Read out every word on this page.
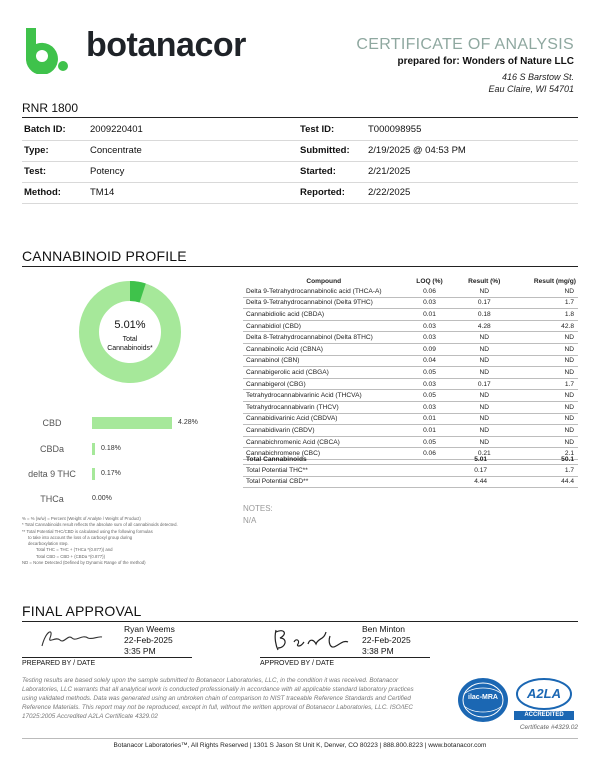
botanacor	CERTIFICATE OF ANALYSIS
prepared for: Wonders of Nature LLC
416 S Barstow St.
Eau Claire, WI 54701
RNR 1800
Batch ID:	2009220401	Test ID:	T000098955
Type:	Concentrate	Submitted: 2/19/2025 @ 04:53 PM
Test:	Potency	Started:	2/21/2025
Method:	TM14	Reported: 2/22/2025
CANNABINOID PROFILE
5.01%
Total
Cannabinoids*
CBD	4.28%
CBDa	0.18%
delta 9 THC	0.17%
THCa	0.00%
Compound	LOQ (%)	Result (%)	Result (mg/g)
Delta 9-Tetrahydrocannabinolic acid (THCA-A)	0.06	ND	ND
Delta 9-Tetrahydrocannabinol (Delta 9THC)	0.03	0.17	1.7
Cannabidiolic acid (CBDA)	0.01	0.18	1.8
Cannabidiol (CBD)	0.03	4.28	42.8
Delta 8-Tetrahydrocannabinol (Delta 8THC)	0.03	ND	ND
Cannabinolic Acid (CBNA)	0.09	ND	ND
Cannabinol (CBN)	0.04	ND	ND
Cannabigerolic acid (CBGA)	0.05	ND	ND
Cannabigerol (CBG)	0.03	0.17	1.7
Tetrahydrocannabivarinic Acid (THCVA)	0.05	ND	ND
Tetrahydrocannabivarin (THCV)	0.03	ND	ND
Cannabidivarinic Acid (CBDVA)	0.01	ND	ND
Cannabidivarin (CBDV)	0.01	ND	ND
Cannabichromenic Acid (CBCA)	0.05	ND	ND
Cannabichromene (CBC)	0.06	0.21	2.1
Total Cannabinoids		5.01	50.1
Total Potential THC**		0.17	1.7
Total Potential CBD**		4.44	44.4
NOTES:
N/A
% = % (w/w) = Percent (Weight of Analyte / Weight of Product)
* Total Cannabinoids result reflects the absolute sum of all cannabinoids detected.
** Total Potential THC/CBD is calculated using the following formulas
to take into account the loss of a carboxyl group during
decarboxylation step.
Total THC = THC + (THCa *(0.877)) and
Total CBD = CBD + (CBDa *(0.877))
ND = None Detected (Defined by Dynamic Range of the method)
FINAL APPROVAL
Ryan Weems
22-Feb-2025
3:35 PM
PREPARED BY / DATE
Ben Minton
22-Feb-2025
3:38 PM
APPROVED BY / DATE
Testing results are based solely upon the sample submitted to Botanacor Laboratories, LLC, in the condition it was received. Botanacor Laboratories, LLC warrants that all analytical work is conducted professionally in accordance with all applicable standard laboratory practices using validated methods. Data was generated using an unbroken chain of comparison to NIST traceable Reference Standards and Certified Reference Materials. This report may not be reproduced, except in full, without the written approval of Botanacor Laboratories, LLC. ISO/IEC 17025:2005 Accredited A2LA Certificate 4329.02
ilac-MRA	A2LA
ACCREDITED
Certificate #4329.02
Botanacor Laboratories™, All Rights Reserved | 1301 S Jason St Unit K, Denver, CO 80223 | 888.800.8223 | www.botanacor.com
